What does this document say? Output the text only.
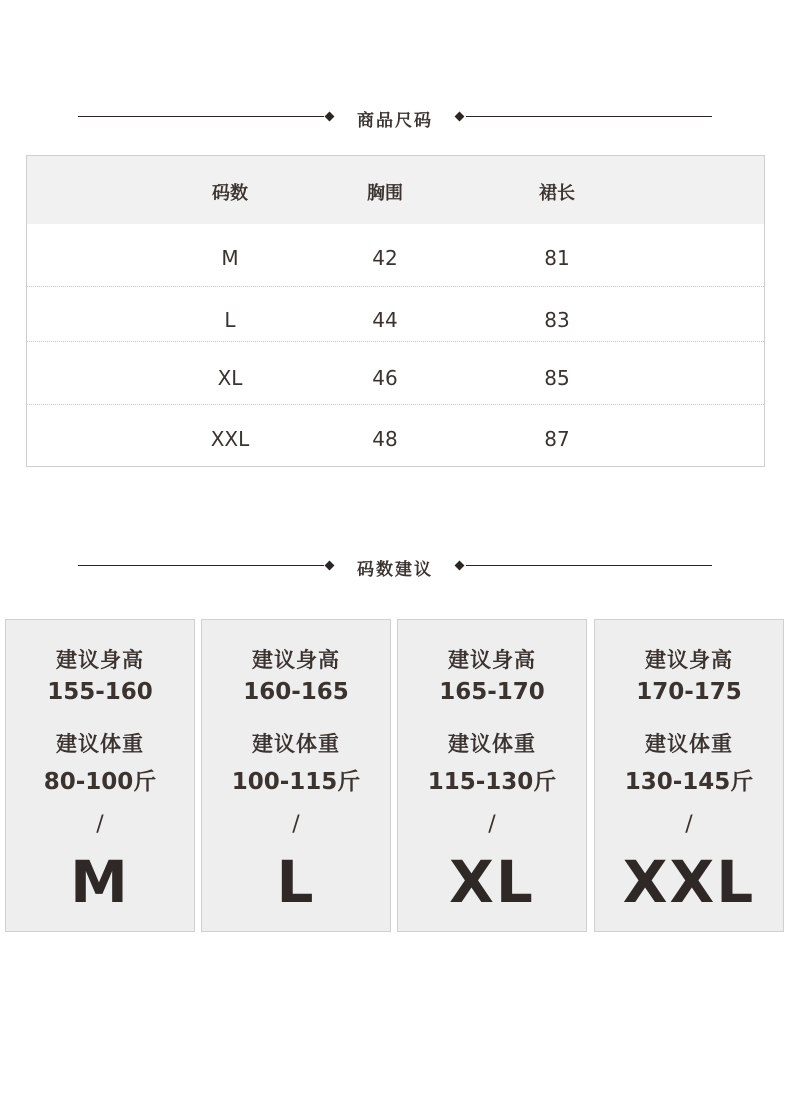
商品尺码
码数	胸围	裙长
M	42	81
L	44	83
XL	46	85
XXL	48	87
码数建议
建议身高
155-160
建议体重
80-100斤
/
M
建议身高
160-165
建议体重
100-115斤
/
L
建议身高
165-170
建议体重
115-130斤
/
XL
建议身高
170-175
建议体重
130-145斤
/
XXL
